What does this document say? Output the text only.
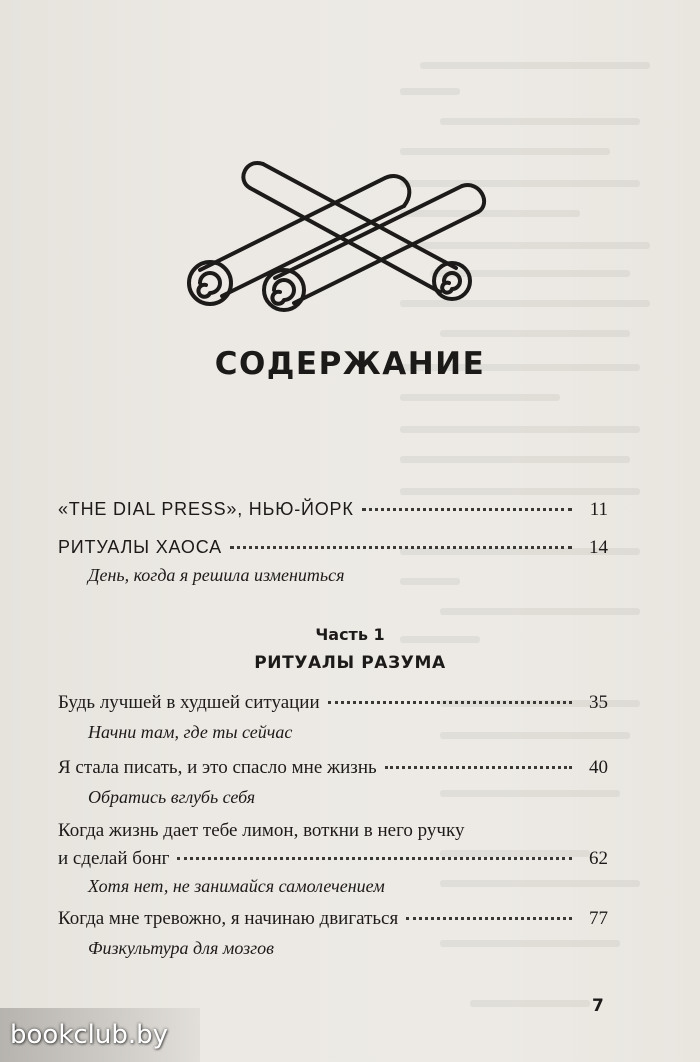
СОДЕРЖАНИЕ
«THE DIAL PRESS», НЬЮ-ЙОРК	11
РИТУАЛЫ ХАОСА	14
День, когда я решила измениться
Часть 1
РИТУАЛЫ РАЗУМА
Будь лучшей в худшей ситуации	35
Начни там, где ты сейчас
Я стала писать, и это спасло мне жизнь	40
Обратись вглубь себя
Когда жизнь дает тебе лимон, воткни в него ручку
и сделай бонг	62
Хотя нет, не занимайся самолечением
Когда мне тревожно, я начинаю двигаться	77
Физкультура для мозгов
7
bookclub.by
